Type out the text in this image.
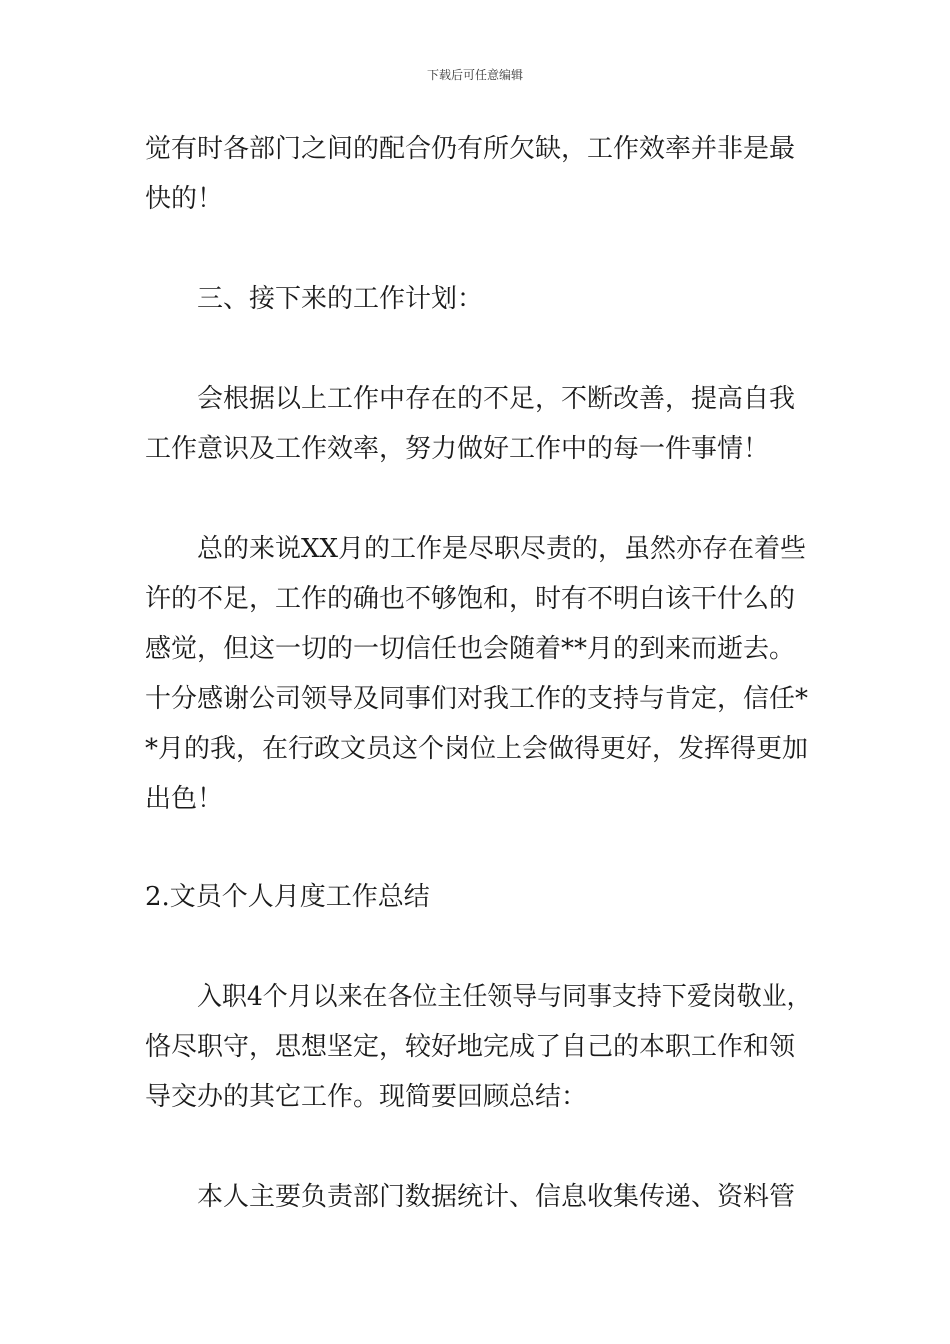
下载后可任意编辑
觉有时各部门之间的配合仍有所欠缺，工作效率并非是最
快的！
三、接下来的工作计划：
会根据以上工作中存在的不足，不断改善，提高自我
工作意识及工作效率，努力做好工作中的每一件事情！
总的来说XX月的工作是尽职尽责的，虽然亦存在着些
许的不足，工作的确也不够饱和，时有不明白该干什么的
感觉，但这一切的一切信任也会随着**月的到来而逝去。
十分感谢公司领导及同事们对我工作的支持与肯定，信任*
*月的我，在行政文员这个岗位上会做得更好，发挥得更加
出色！
2.文员个人月度工作总结
入职4个月以来在各位主任领导与同事支持下爱岗敬业，
恪尽职守，思想坚定，较好地完成了自己的本职工作和领
导交办的其它工作。现简要回顾总结：
本人主要负责部门数据统计、信息收集传递、资料管
